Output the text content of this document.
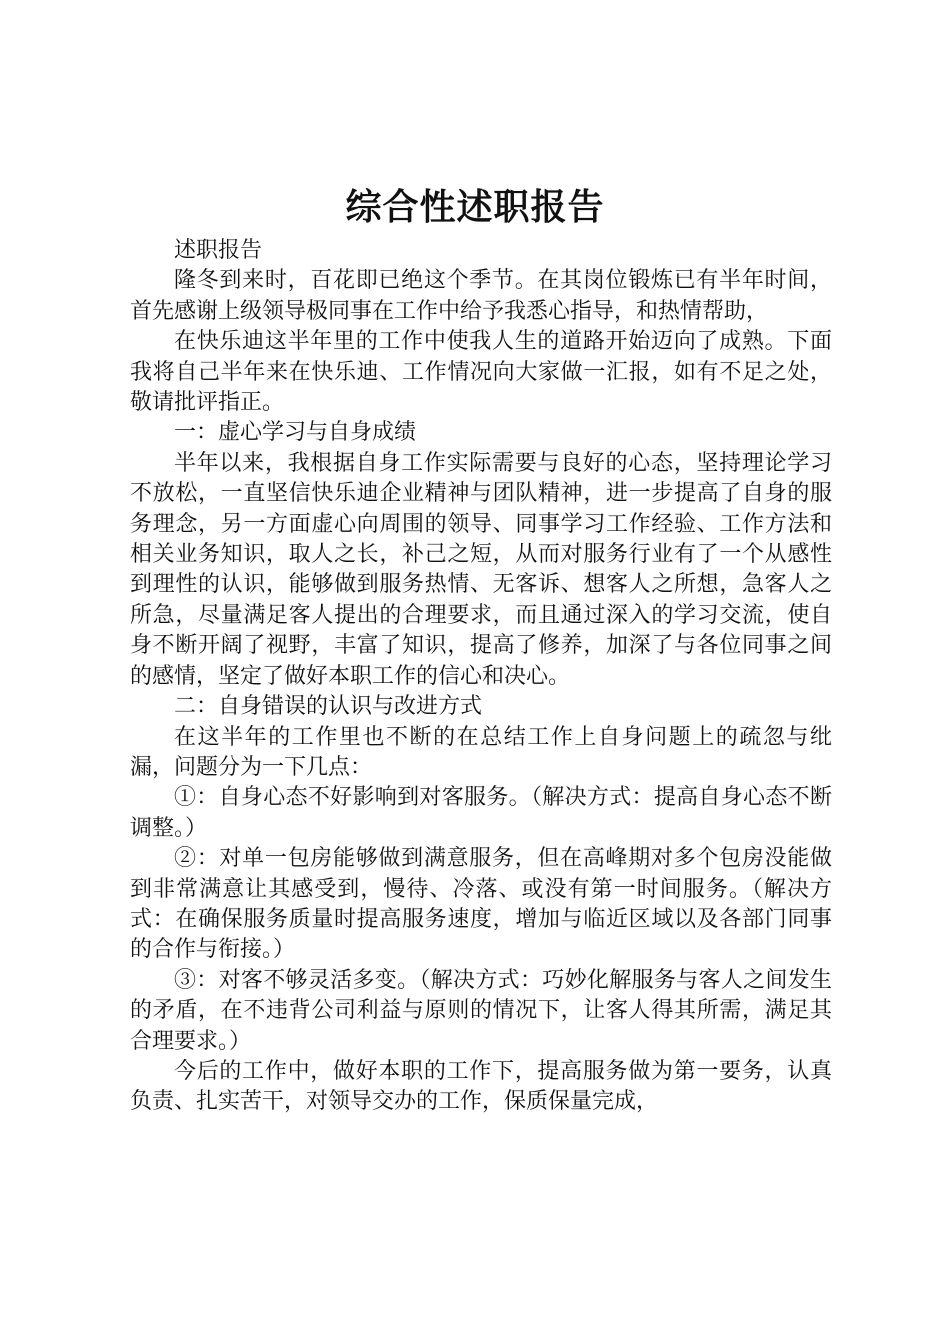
综合性述职报告

述职报告

隆冬到来时，百花即已绝这个季节。在其岗位锻炼已有半年时间，首先感谢上级领导极同事在工作中给予我悉心指导，和热情帮助，

在快乐迪这半年里的工作中使我人生的道路开始迈向了成熟。下面我将自己半年来在快乐迪、工作情况向大家做一汇报，如有不足之处，敬请批评指正。

一：虚心学习与自身成绩

半年以来，我根据自身工作实际需要与良好的心态，坚持理论学习不放松，一直坚信快乐迪企业精神与团队精神，进一步提高了自身的服务理念，另一方面虚心向周围的领导、同事学习工作经验、工作方法和相关业务知识，取人之长，补己之短，从而对服务行业有了一个从感性到理性的认识，能够做到服务热情、无客诉、想客人之所想，急客人之所急，尽量满足客人提出的合理要求，而且通过深入的学习交流，使自身不断开阔了视野，丰富了知识，提高了修养，加深了与各位同事之间的感情，坚定了做好本职工作的信心和决心。

二：自身错误的认识与改进方式

在这半年的工作里也不断的在总结工作上自身问题上的疏忽与纰漏，问题分为一下几点：

①：自身心态不好影响到对客服务。（解决方式：提高自身心态不断调整。）

②：对单一包房能够做到满意服务，但在高峰期对多个包房没能做到非常满意让其感受到，慢待、冷落、或没有第一时间服务。（解决方式：在确保服务质量时提高服务速度，增加与临近区域以及各部门同事的合作与衔接。）

③：对客不够灵活多变。（解决方式：巧妙化解服务与客人之间发生的矛盾，在不违背公司利益与原则的情况下，让客人得其所需，满足其合理要求。）

今后的工作中，做好本职的工作下，提高服务做为第一要务，认真负责、扎实苦干，对领导交办的工作，保质保量完成，
